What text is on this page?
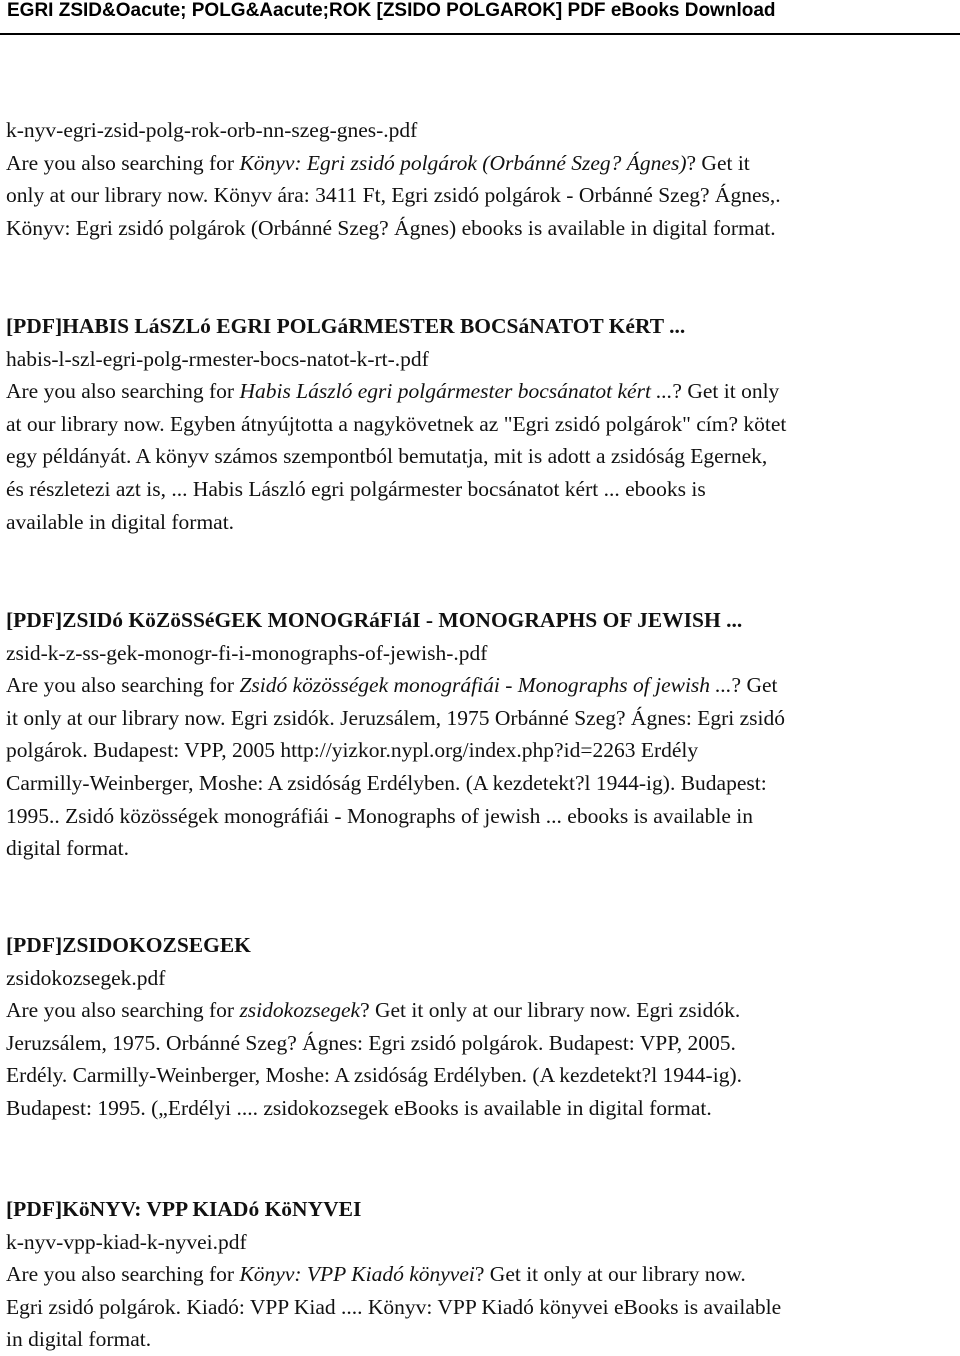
EGRI ZSID&Oacute; POLG&Aacute;ROK [ZSIDO POLGAROK] PDF eBooks Download
k-nyv-egri-zsid-polg-rok-orb-nn-szeg-gnes-.pdf
Are you also searching for Könyv: Egri zsidó polgárok (Orbánné Szeg? Ágnes)? Get it
only at our library now. Könyv ára: 3411 Ft, Egri zsidó polgárok - Orbánné Szeg? Ágnes,.
Könyv: Egri zsidó polgárok (Orbánné Szeg? Ágnes) ebooks is available in digital format.
[PDF]HABIS LáSZLó EGRI POLGáRMESTER BOCSáNATOT KéRT ...
habis-l-szl-egri-polg-rmester-bocs-natot-k-rt-.pdf
Are you also searching for Habis László egri polgármester bocsánatot kért ...? Get it only
at our library now. Egyben átnyújtotta a nagykövetnek az "Egri zsidó polgárok" cím? kötet
egy példányát. A könyv számos szempontból bemutatja, mit is adott a zsidóság Egernek,
és részletezi azt is, ... Habis László egri polgármester bocsánatot kért ... ebooks is
available in digital format.
[PDF]ZSIDó KöZöSSéGEK MONOGRáFIáI - MONOGRAPHS OF JEWISH ...
zsid-k-z-ss-gek-monogr-fi-i-monographs-of-jewish-.pdf
Are you also searching for Zsidó közösségek monográfiái - Monographs of jewish ...? Get
it only at our library now. Egri zsidók. Jeruzsálem, 1975 Orbánné Szeg? Ágnes: Egri zsidó
polgárok. Budapest: VPP, 2005 http://yizkor.nypl.org/index.php?id=2263 Erdély
Carmilly-Weinberger, Moshe: A zsidóság Erdélyben. (A kezdetekt?l 1944-ig). Budapest:
1995.. Zsidó közösségek monográfiái - Monographs of jewish ... ebooks is available in
digital format.
[PDF]ZSIDOKOZSEGEK
zsidokozsegek.pdf
Are you also searching for zsidokozsegek? Get it only at our library now. Egri zsidók.
Jeruzsálem, 1975. Orbánné Szeg? Ágnes: Egri zsidó polgárok. Budapest: VPP, 2005.
Erdély. Carmilly-Weinberger, Moshe: A zsidóság Erdélyben. (A kezdetekt?l 1944-ig).
Budapest: 1995. („Erdélyi .... zsidokozsegek eBooks is available in digital format.
[PDF]KöNYV: VPP KIADó KöNYVEI
k-nyv-vpp-kiad-k-nyvei.pdf
Are you also searching for Könyv: VPP Kiadó könyvei? Get it only at our library now.
Egri zsidó polgárok. Kiadó: VPP Kiad .... Könyv: VPP Kiadó könyvei eBooks is available
in digital format.
